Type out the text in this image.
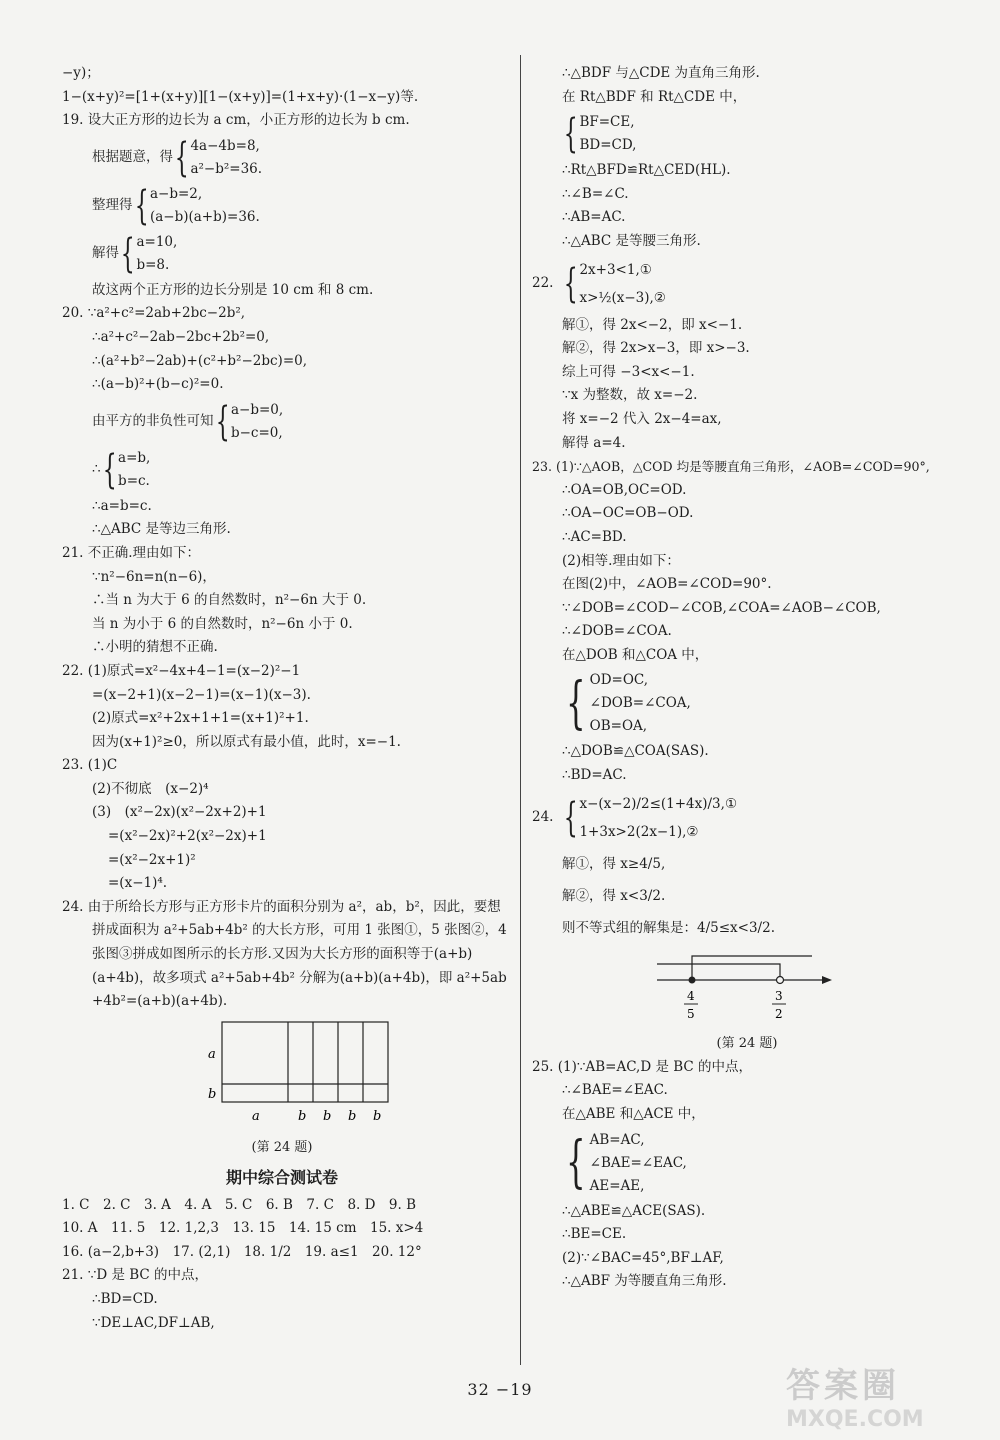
−y)；
1−(x+y)²=[1+(x+y)][1−(x+y)]=(1+x+y)·(1−x−y)等.
19. 设大正方形的边长为 a cm，小正方形的边长为 b cm.
根据题意，得 { 4a−4b=8,
a²−b²=36.
整理得 { a−b=2,
(a−b)(a+b)=36.
解得 { a=10,
b=8.
故这两个正方形的边长分别是 10 cm 和 8 cm.
20. ∵a²+c²=2ab+2bc−2b²,
∴a²+c²−2ab−2bc+2b²=0,
∴(a²+b²−2ab)+(c²+b²−2bc)=0,
∴(a−b)²+(b−c)²=0.
由平方的非负性可知 { a−b=0,
b−c=0,
∴ { a=b,
b=c.
∴a=b=c.
∴△ABC 是等边三角形.
21. 不正确.理由如下：
∵n²−6n=n(n−6)，
∴当 n 为大于 6 的自然数时，n²−6n 大于 0.
当 n 为小于 6 的自然数时，n²−6n 小于 0.
∴小明的猜想不正确.
22. (1)原式=x²−4x+4−1=(x−2)²−1
=(x−2+1)(x−2−1)=(x−1)(x−3).
(2)原式=x²+2x+1+1=(x+1)²+1.
因为(x+1)²≥0，所以原式有最小值，此时，x=−1.
23. (1)C
(2)不彻底　(x−2)⁴
(3)　(x²−2x)(x²−2x+2)+1
=(x²−2x)²+2(x²−2x)+1
=(x²−2x+1)²
=(x−1)⁴.
24. 由于所给长方形与正方形卡片的面积分别为 a²，ab，b²，因此，要想
拼成面积为 a²+5ab+4b² 的大长方形，可用 1 张图①，5 张图②，4
张图③拼成如图所示的长方形.又因为大长方形的面积等于(a+b)
(a+4b)，故多项式 a²+5ab+4b² 分解为(a+b)(a+4b)，即 a²+5ab
+4b²=(a+b)(a+4b).
a
b
a	b b b b
(第 24 题)
期中综合测试卷
1. C　2. C　3. A　4. A　5. C　6. B　7. C　8. D　9. B
10. A　11. 5　12. 1,2,3　13. 15　14. 15 cm　15. x>4
16. (a−2,b+3)　17. (2,1)　18. 1/2　19. a≤1　20. 12°
21. ∵D 是 BC 的中点，
∴BD=CD.
∵DE⊥AC,DF⊥AB,
∴△BDF 与△CDE 为直角三角形.
在 Rt△BDF 和 Rt△CDE 中，
{ BF=CE,
BD=CD,
∴Rt△BFD≌Rt△CED(HL).
∴∠B=∠C.
∴AB=AC.
∴△ABC 是等腰三角形.
22. { 2x+3<1,①
x>½(x−3),②
解①，得 2x<−2，即 x<−1.
解②，得 2x>x−3，即 x>−3.
综上可得 −3<x<−1.
∵x 为整数，故 x=−2.
将 x=−2 代入 2x−4=ax,
解得 a=4.
23. (1)∵△AOB，△COD 均是等腰直角三角形，∠AOB=∠COD=90°,
∴OA=OB,OC=OD.
∴OA−OC=OB−OD.
∴AC=BD.
(2)相等.理由如下：
在图(2)中，∠AOB=∠COD=90°.
∵∠DOB=∠COD−∠COB,∠COA=∠AOB−∠COB,
∴∠DOB=∠COA.
在△DOB 和△COA 中，
{ OD=OC,
∠DOB=∠COA,
OB=OA,
∴△DOB≌△COA(SAS).
∴BD=AC.
24. { x−(x−2)/2≤(1+4x)/3,①
1+3x>2(2x−1),②
解①，得 x≥4/5,
解②，得 x<3/2.
则不等式组的解集是：4/5≤x<3/2.
4
5
3
2
(第 24 题)
25. (1)∵AB=AC,D 是 BC 的中点，
∴∠BAE=∠EAC.
在△ABE 和△ACE 中，
{ AB=AC,
∠BAE=∠EAC,
AE=AE,
∴△ABE≌△ACE(SAS).
∴BE=CE.
(2)∵∠BAC=45°,BF⊥AF,
∴△ABF 为等腰直角三角形.
32 −19	答案圈
MXQE.COM
